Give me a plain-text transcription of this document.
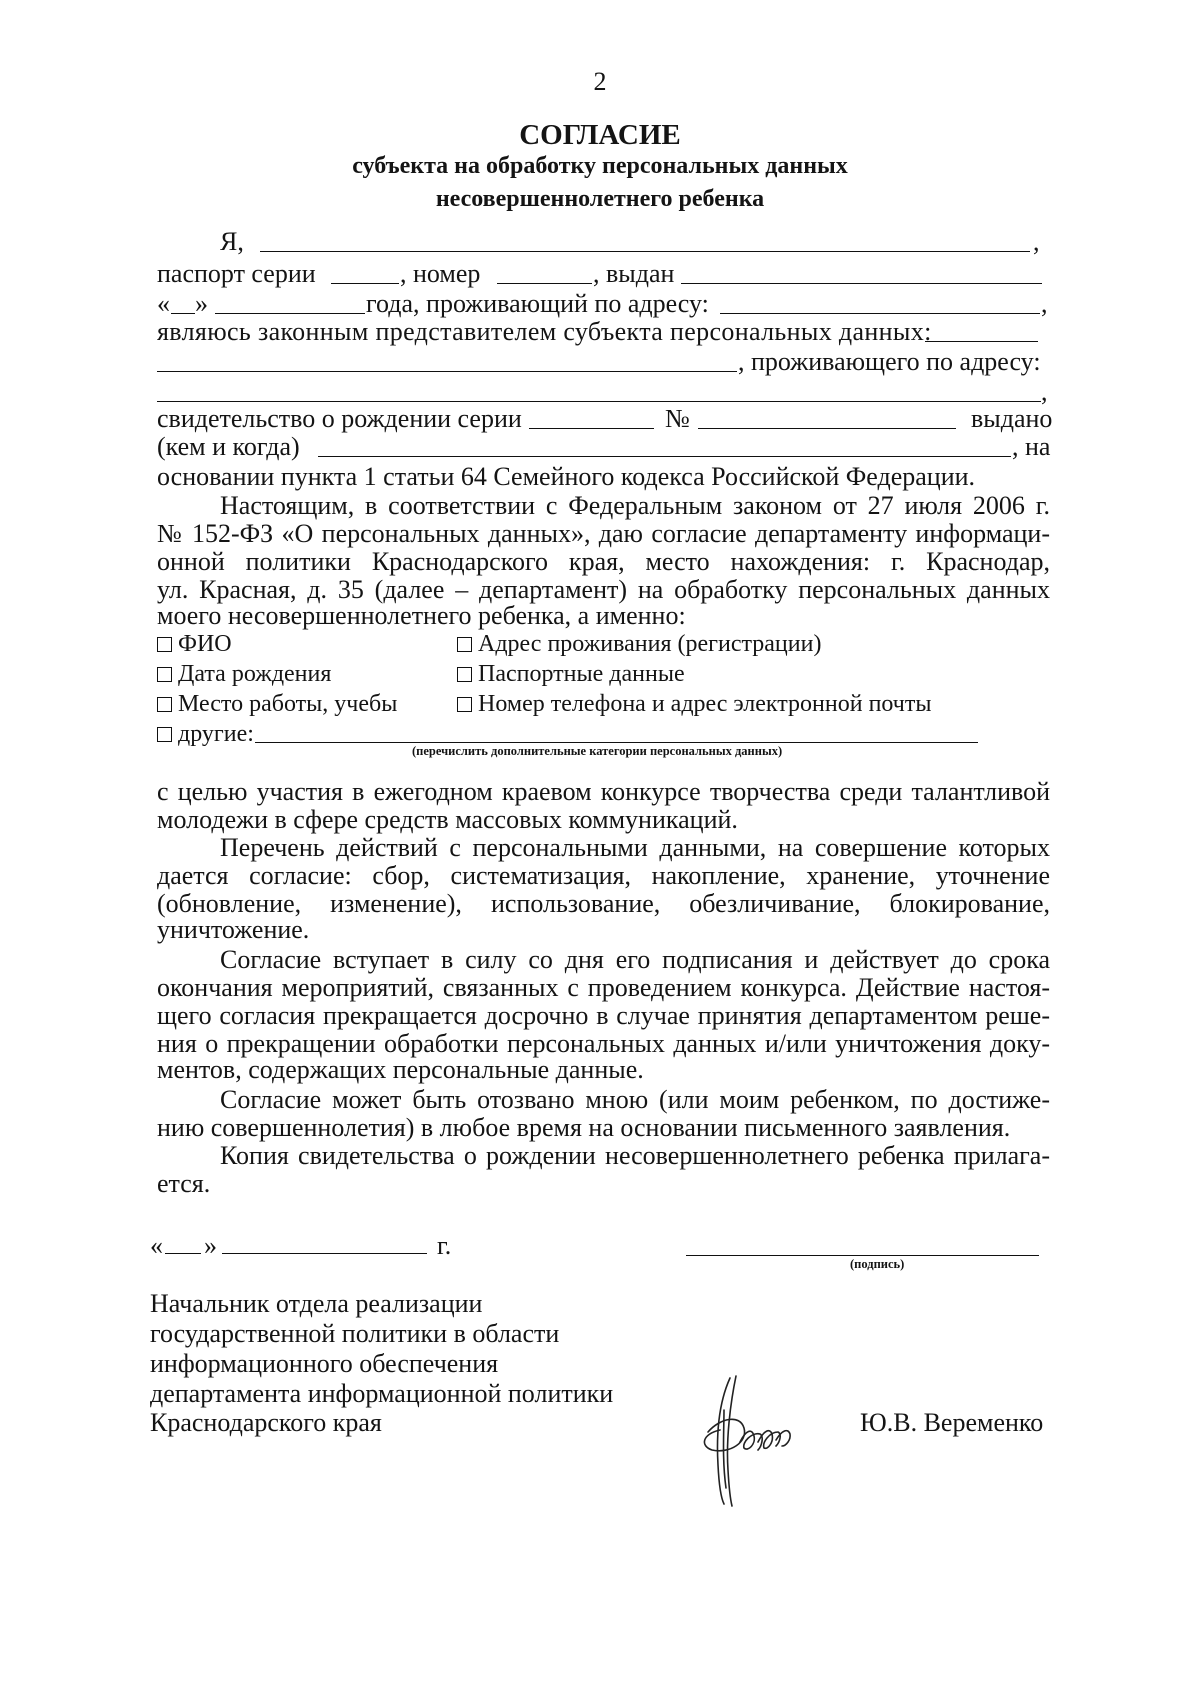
2
СОГЛАСИЕ
субъекта на обработку персональных данных
несовершеннолетнего ребенка
Я,	,
паспорт серии	, номер	, выдан
« »	года, проживающий по адресу:	,
являюсь законным представителем субъекта персональных данных:
, проживающего по адресу:
,
свидетельство о рождении серии	№	выдано
(кем и когда)	, на
основании пункта 1 статьи 64 Семейного кодекса Российской Федерации.
Настоящим, в соответствии с Федеральным законом от 27 июля 2006 г.
№ 152-ФЗ «О персональных данных», даю согласие департаменту информаци-
онной политики Краснодарского края, место нахождения: г. Краснодар,
ул. Красная, д. 35 (далее – департамент) на обработку персональных данных
моего несовершеннолетнего ребенка, а именно:
ФИО	Адрес проживания (регистрации)
Дата рождения	Паспортные данные
Место работы, учебы	Номер телефона и адрес электронной почты
другие:
(перечислить дополнительные категории персональных данных)
с целью участия в ежегодном краевом конкурсе творчества среди талантливой
молодежи в сфере средств массовых коммуникаций.
Перечень действий с персональными данными, на совершение которых
дается согласие: сбор, систематизация, накопление, хранение, уточнение
(обновление, изменение), использование, обезличивание, блокирование,
уничтожение.
Согласие вступает в силу со дня его подписания и действует до срока
окончания мероприятий, связанных с проведением конкурса. Действие настоя-
щего согласия прекращается досрочно в случае принятия департаментом реше-
ния о прекращении обработки персональных данных и/или уничтожения доку-
ментов, содержащих персональные данные.
Согласие может быть отозвано мною (или моим ребенком, по достиже-
нию совершеннолетия) в любое время на основании письменного заявления.
Копия свидетельства о рождении несовершеннолетнего ребенка прилага-
ется.
« »	г.
(подпись)
Начальник отдела реализации
государственной политики в области
информационного обеспечения
департамента информационной политики
Краснодарского края	Ю.В. Веременко
